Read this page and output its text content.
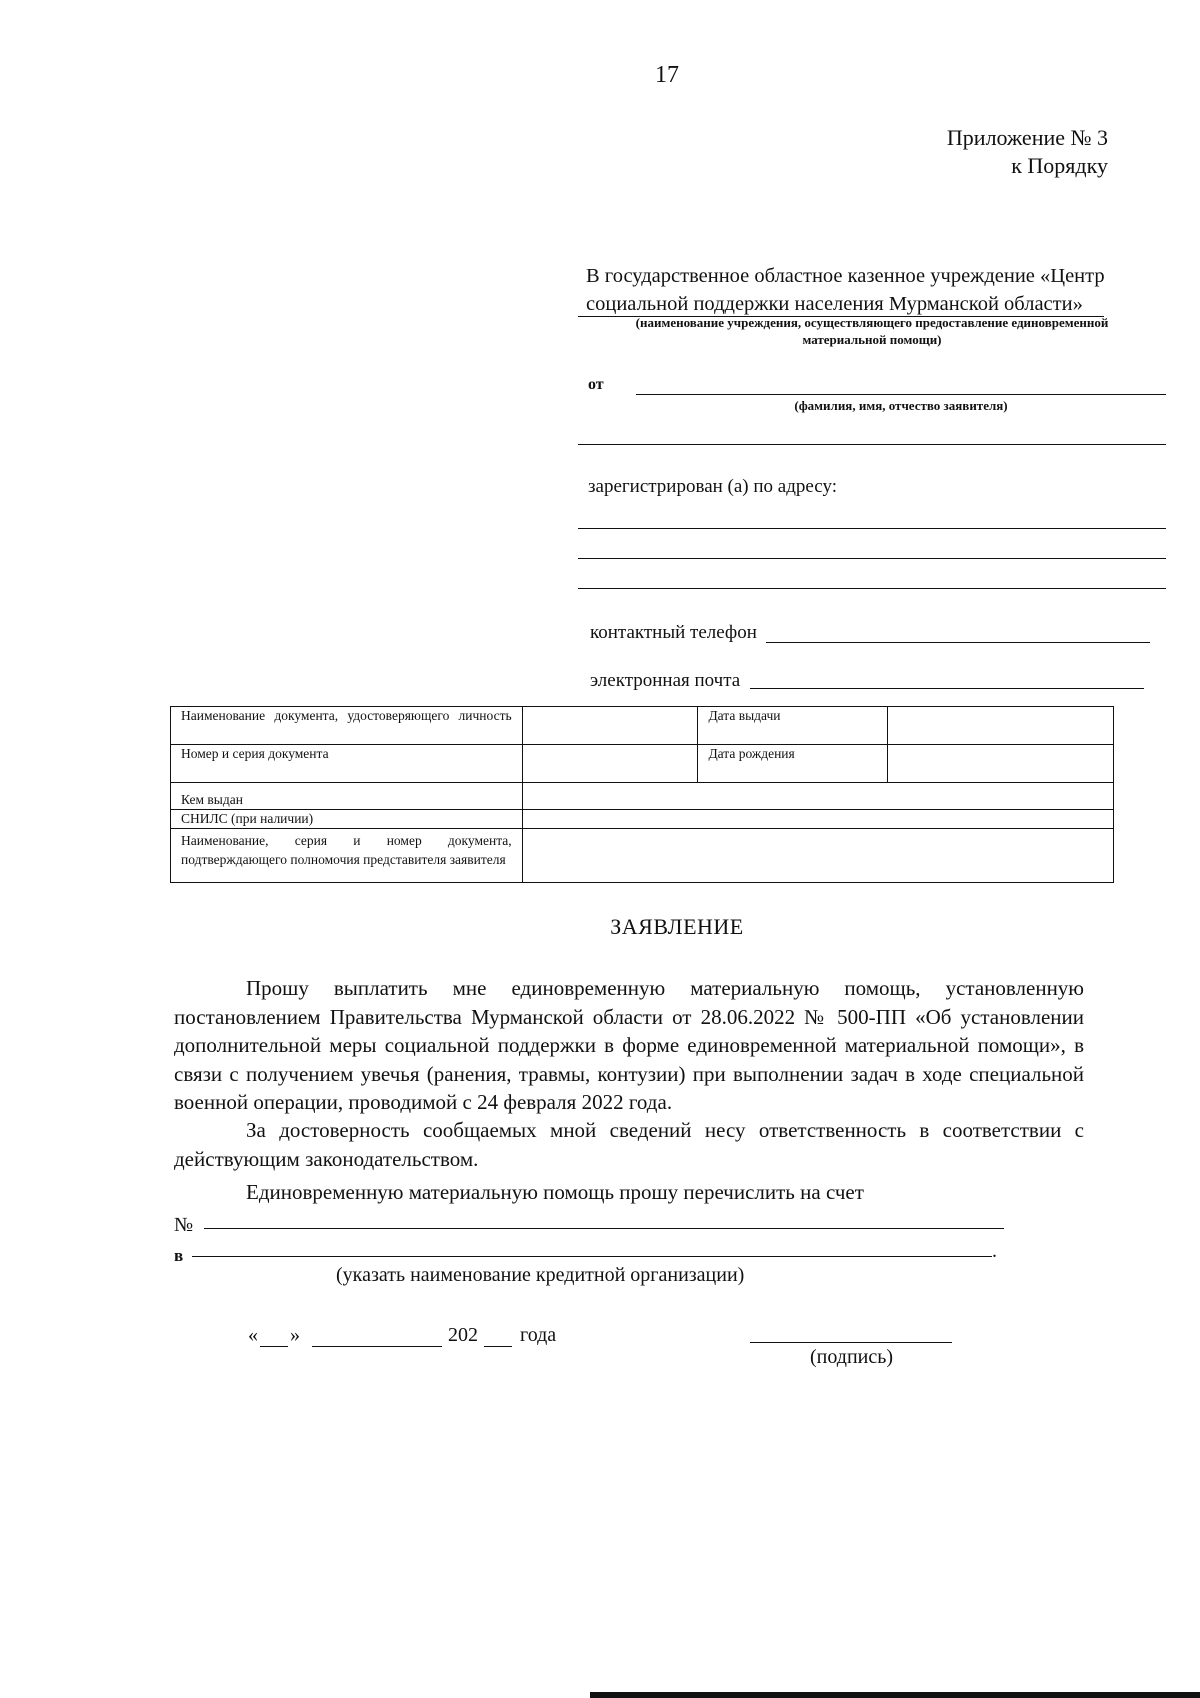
17
Приложение № 3
к Порядку
В государственное областное казенное учреждение «Центр
социальной поддержки населения Мурманской области»
(наименование учреждения, осуществляющего предоставление единовременной
материальной помощи)
от
(фамилия, имя, отчество заявителя)
зарегистрирован (а) по адресу:
контактный телефон
электронная почта
Наименование документа, удостоверяющего личность		Дата выдачи	
Номер и серия документа		Дата рождения	
Кем выдан			
СНИЛС (при наличии)			

Наименование, серия и номер документа, подтверждающего полномочия представителя заявителя			

ЗАЯВЛЕНИЕ
Прошу выплатить мне единовременную материальную помощь, установленную постановлением Правительства Мурманской области от 28.06.2022 № 500-ПП «Об установлении дополнительной меры социальной поддержки в форме единовременной материальной помощи», в связи с получением увечья (ранения, травмы, контузии) при выполнении задач в ходе специальной военной операции, проводимой с 24 февраля 2022 года.
За достоверность сообщаемых мной сведений несу ответственность в соответствии с действующим законодательством.
Единовременную материальную помощь прошу перечислить на счет
№
в	.
(указать наименование кредитной организации)
« »	202 года
(подпись)
